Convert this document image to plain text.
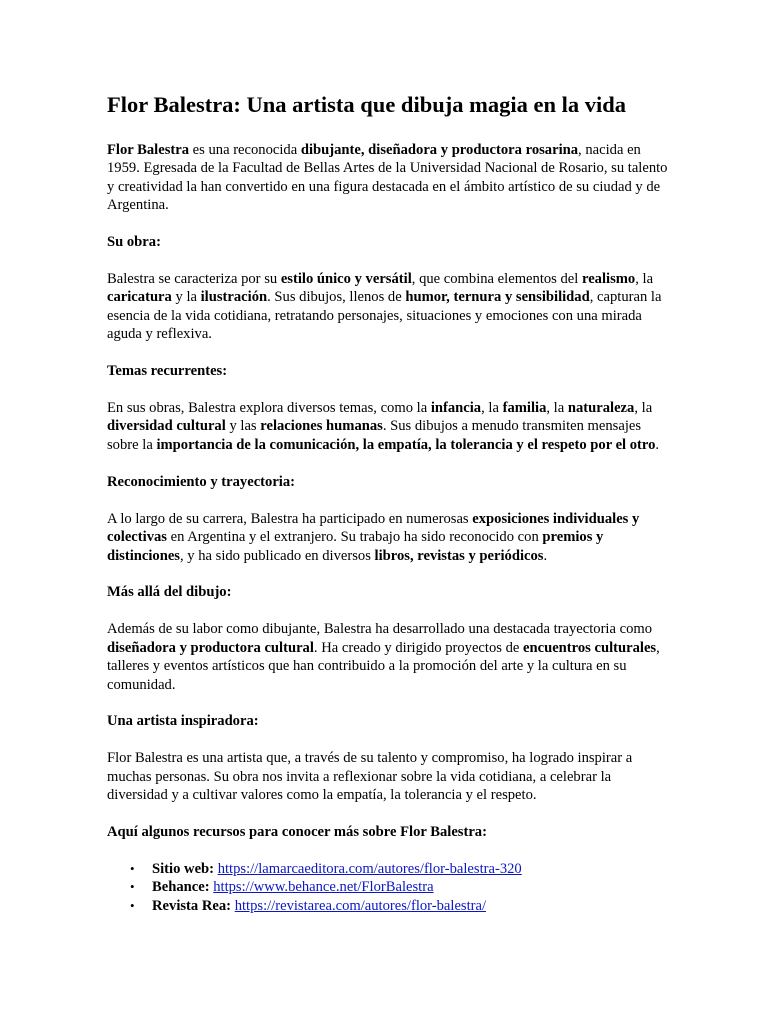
Flor Balestra: Una artista que dibuja magia en la vida

Flor Balestra es una reconocida dibujante, diseñadora y productora rosarina, nacida en 1959. Egresada de la Facultad de Bellas Artes de la Universidad Nacional de Rosario, su talento y creatividad la han convertido en una figura destacada en el ámbito artístico de su ciudad y de Argentina.

Su obra:

Balestra se caracteriza por su estilo único y versátil, que combina elementos del realismo, la caricatura y la ilustración. Sus dibujos, llenos de humor, ternura y sensibilidad, capturan la esencia de la vida cotidiana, retratando personajes, situaciones y emociones con una mirada aguda y reflexiva.

Temas recurrentes:

En sus obras, Balestra explora diversos temas, como la infancia, la familia, la naturaleza, la diversidad cultural y las relaciones humanas. Sus dibujos a menudo transmiten mensajes sobre la importancia de la comunicación, la empatía, la tolerancia y el respeto por el otro.

Reconocimiento y trayectoria:

A lo largo de su carrera, Balestra ha participado en numerosas exposiciones individuales y colectivas en Argentina y el extranjero. Su trabajo ha sido reconocido con premios y distinciones, y ha sido publicado en diversos libros, revistas y periódicos.

Más allá del dibujo:

Además de su labor como dibujante, Balestra ha desarrollado una destacada trayectoria como diseñadora y productora cultural. Ha creado y dirigido proyectos de encuentros culturales, talleres y eventos artísticos que han contribuido a la promoción del arte y la cultura en su comunidad.

Una artista inspiradora:

Flor Balestra es una artista que, a través de su talento y compromiso, ha logrado inspirar a muchas personas. Su obra nos invita a reflexionar sobre la vida cotidiana, a celebrar la diversidad y a cultivar valores como la empatía, la tolerancia y el respeto.

Aquí algunos recursos para conocer más sobre Flor Balestra:

• Sitio web: https://lamarcaeditora.com/autores/flor-balestra-320
• Behance: https://www.behance.net/FlorBalestra
• Revista Rea: https://revistarea.com/autores/flor-balestra/
